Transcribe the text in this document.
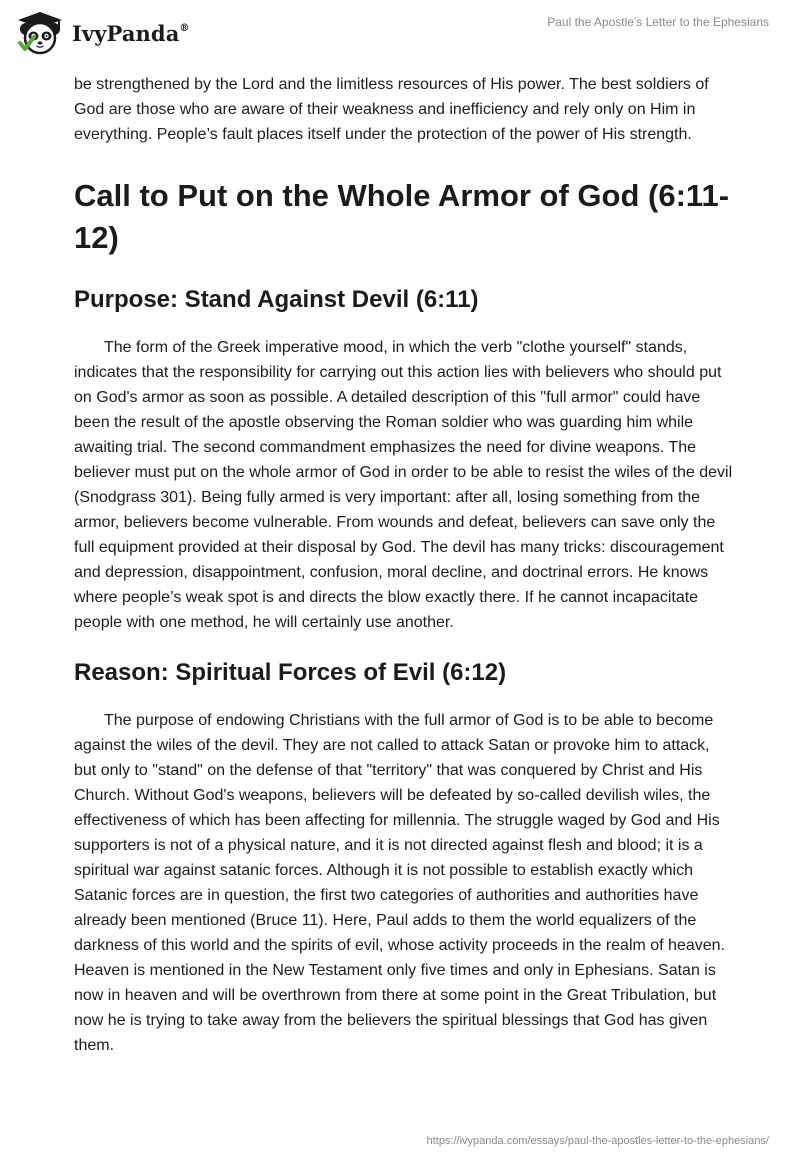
IvyPanda®	Paul the Apostle's Letter to the Ephesians

be strengthened by the Lord and the limitless resources of His power. The best soldiers of God are those who are aware of their weakness and inefficiency and rely only on Him in everything. People’s fault places itself under the protection of the power of His strength.

Call to Put on the Whole Armor of God (6:11-12)
Purpose: Stand Against Devil (6:11)

The form of the Greek imperative mood, in which the verb "clothe yourself" stands, indicates that the responsibility for carrying out this action lies with believers who should put on God's armor as soon as possible. A detailed description of this "full armor" could have been the result of the apostle observing the Roman soldier who was guarding him while awaiting trial. The second commandment emphasizes the need for divine weapons. The believer must put on the whole armor of God in order to be able to resist the wiles of the devil (Snodgrass 301). Being fully armed is very important: after all, losing something from the armor, believers become vulnerable. From wounds and defeat, believers can save only the full equipment provided at their disposal by God. The devil has many tricks: discouragement and depression, disappointment, confusion, moral decline, and doctrinal errors. He knows where people’s weak spot is and directs the blow exactly there. If he cannot incapacitate people with one method, he will certainly use another.

Reason: Spiritual Forces of Evil (6:12)

The purpose of endowing Christians with the full armor of God is to be able to become against the wiles of the devil. They are not called to attack Satan or provoke him to attack, but only to "stand" on the defense of that "territory" that was conquered by Christ and His Church. Without God's weapons, believers will be defeated by so-called devilish wiles, the effectiveness of which has been affecting for millennia. The struggle waged by God and His supporters is not of a physical nature, and it is not directed against flesh and blood; it is a spiritual war against satanic forces. Although it is not possible to establish exactly which Satanic forces are in question, the first two categories of authorities and authorities have already been mentioned (Bruce 11). Here, Paul adds to them the world equalizers of the darkness of this world and the spirits of evil, whose activity proceeds in the realm of heaven. Heaven is mentioned in the New Testament only five times and only in Ephesians. Satan is now in heaven and will be overthrown from there at some point in the Great Tribulation, but now he is trying to take away from the believers the spiritual blessings that God has given them.

https://ivypanda.com/essays/paul-the-apostles-letter-to-the-ephesians/
